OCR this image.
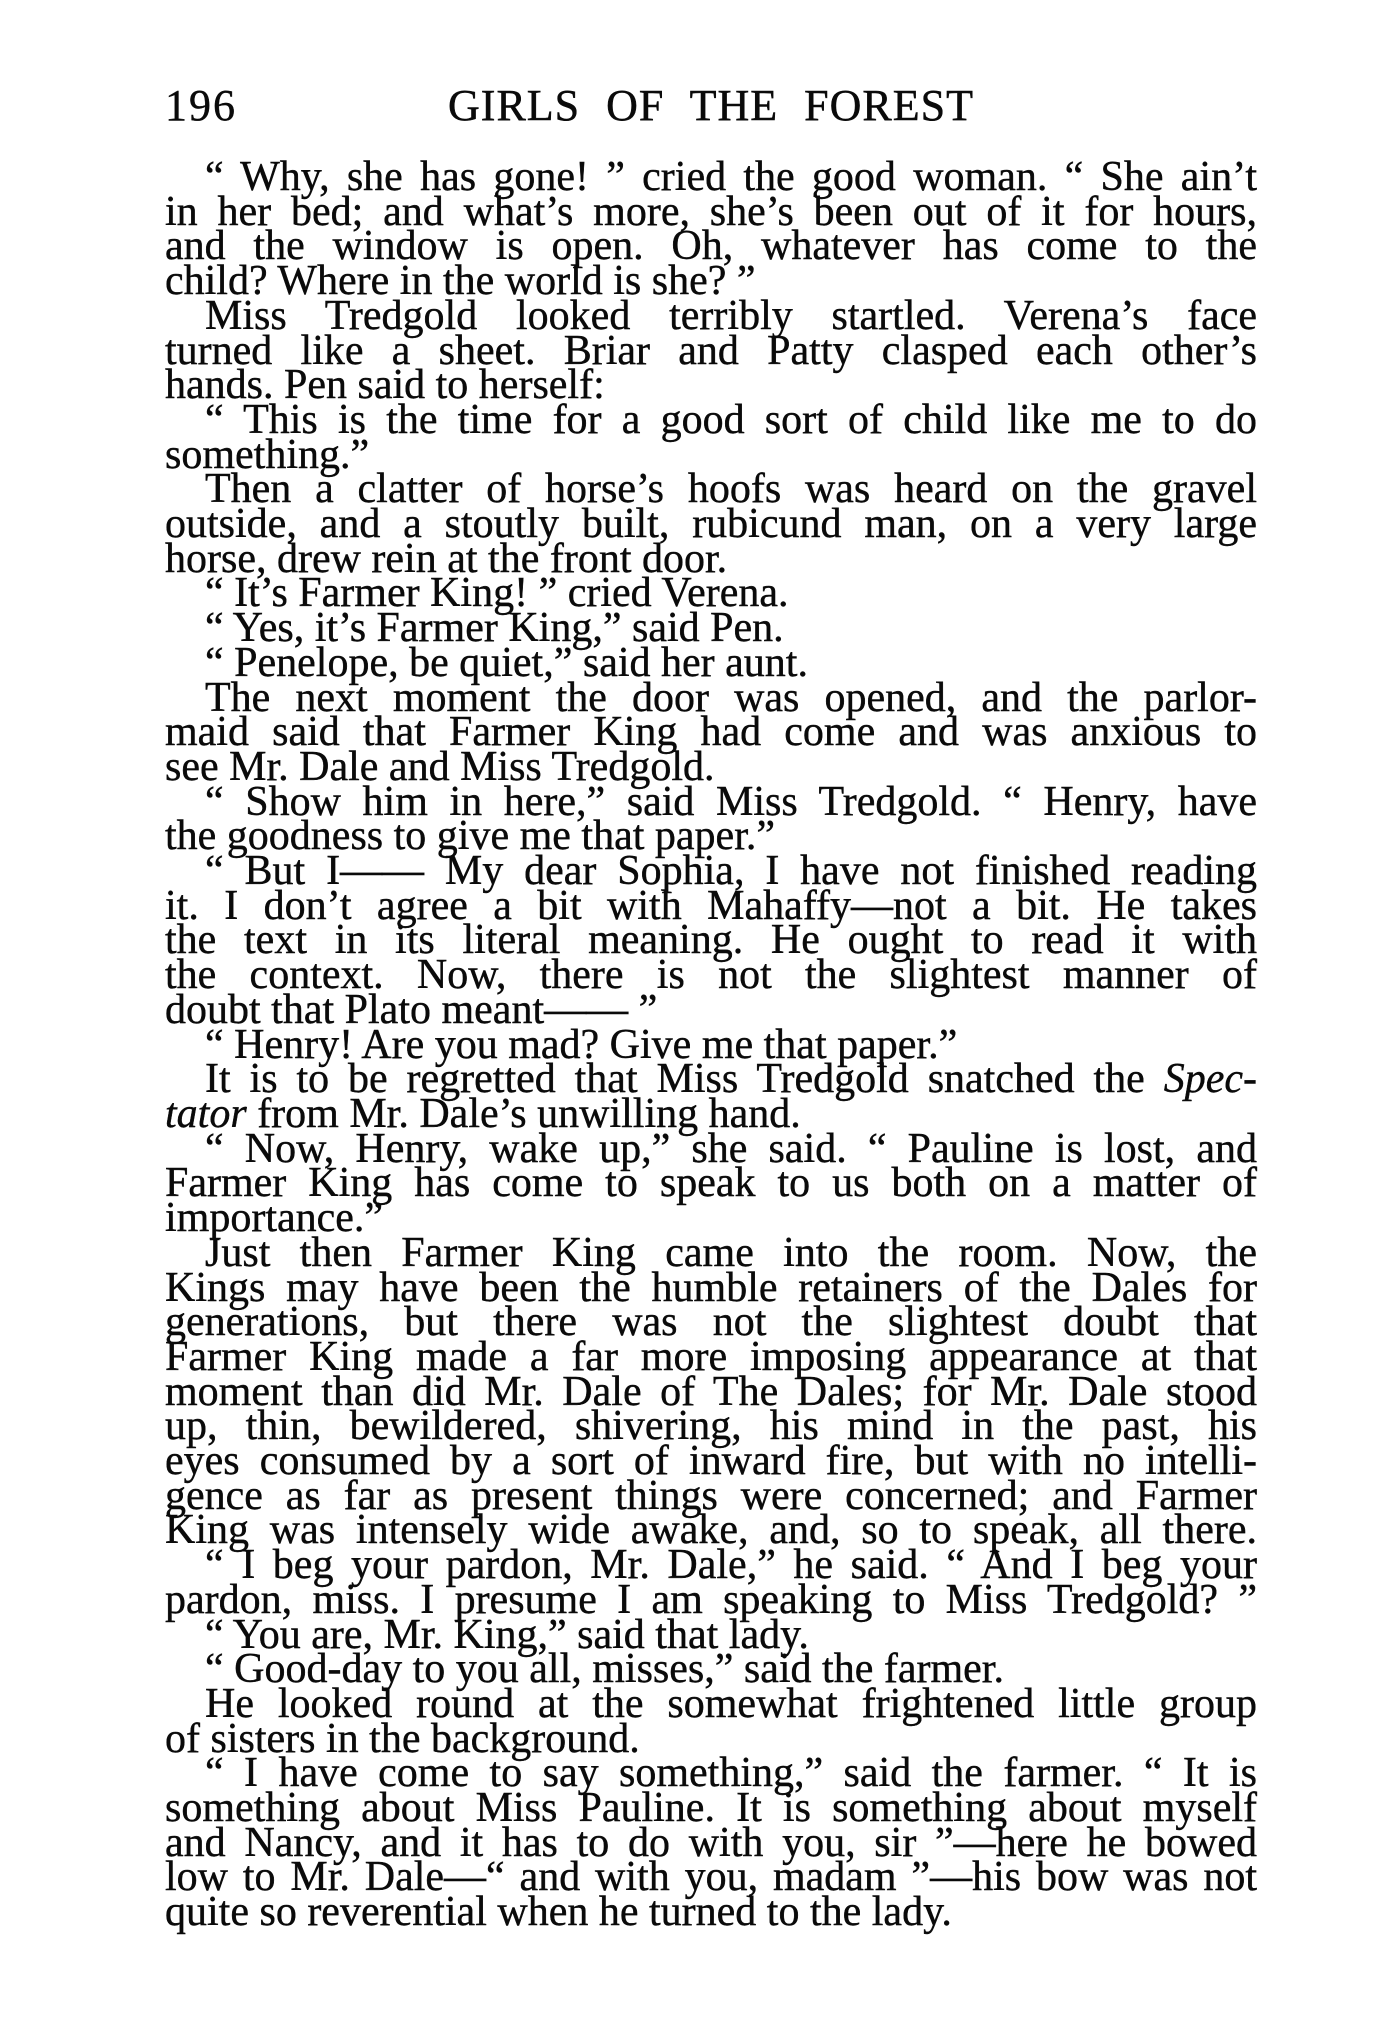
196	GIRLS OF THE FOREST
“ Why, she has gone! ” cried the good woman. “ She ain’t
in her bed; and what’s more, she’s been out of it for hours,
and the window is open. Oh, whatever has come to the
child? Where in the world is she? ”
Miss Tredgold looked terribly startled. Verena’s face
turned like a sheet. Briar and Patty clasped each other’s
hands. Pen said to herself:
“ This is the time for a good sort of child like me to do
something.”
Then a clatter of horse’s hoofs was heard on the gravel
outside, and a stoutly built, rubicund man, on a very large
horse, drew rein at the front door.
“ It’s Farmer King! ” cried Verena.
“ Yes, it’s Farmer King,” said Pen.
“ Penelope, be quiet,” said her aunt.
The next moment the door was opened, and the parlor-
maid said that Farmer King had come and was anxious to
see Mr. Dale and Miss Tredgold.
“ Show him in here,” said Miss Tredgold. “ Henry, have
the goodness to give me that paper.”
“ But I—— My dear Sophia, I have not finished reading
it. I don’t agree a bit with Mahaffy—not a bit. He takes
the text in its literal meaning. He ought to read it with
the context. Now, there is not the slightest manner of
doubt that Plato meant—— ”
“ Henry! Are you mad? Give me that paper.”
It is to be regretted that Miss Tredgold snatched the Spec-
tator from Mr. Dale’s unwilling hand.
“ Now, Henry, wake up,” she said. “ Pauline is lost, and
Farmer King has come to speak to us both on a matter of
importance.”
Just then Farmer King came into the room. Now, the
Kings may have been the humble retainers of the Dales for
generations, but there was not the slightest doubt that
Farmer King made a far more imposing appearance at that
moment than did Mr. Dale of The Dales; for Mr. Dale stood
up, thin, bewildered, shivering, his mind in the past, his
eyes consumed by a sort of inward fire, but with no intelli-
gence as far as present things were concerned; and Farmer
King was intensely wide awake, and, so to speak, all there.
“ I beg your pardon, Mr. Dale,” he said. “ And I beg your
pardon, miss. I presume I am speaking to Miss Tredgold? ”
“ You are, Mr. King,” said that lady.
“ Good-day to you all, misses,” said the farmer.
He looked round at the somewhat frightened little group
of sisters in the background.
“ I have come to say something,” said the farmer. “ It is
something about Miss Pauline. It is something about myself
and Nancy, and it has to do with you, sir ”—here he bowed
low to Mr. Dale—“ and with you, madam ”—his bow was not
quite so reverential when he turned to the lady.
